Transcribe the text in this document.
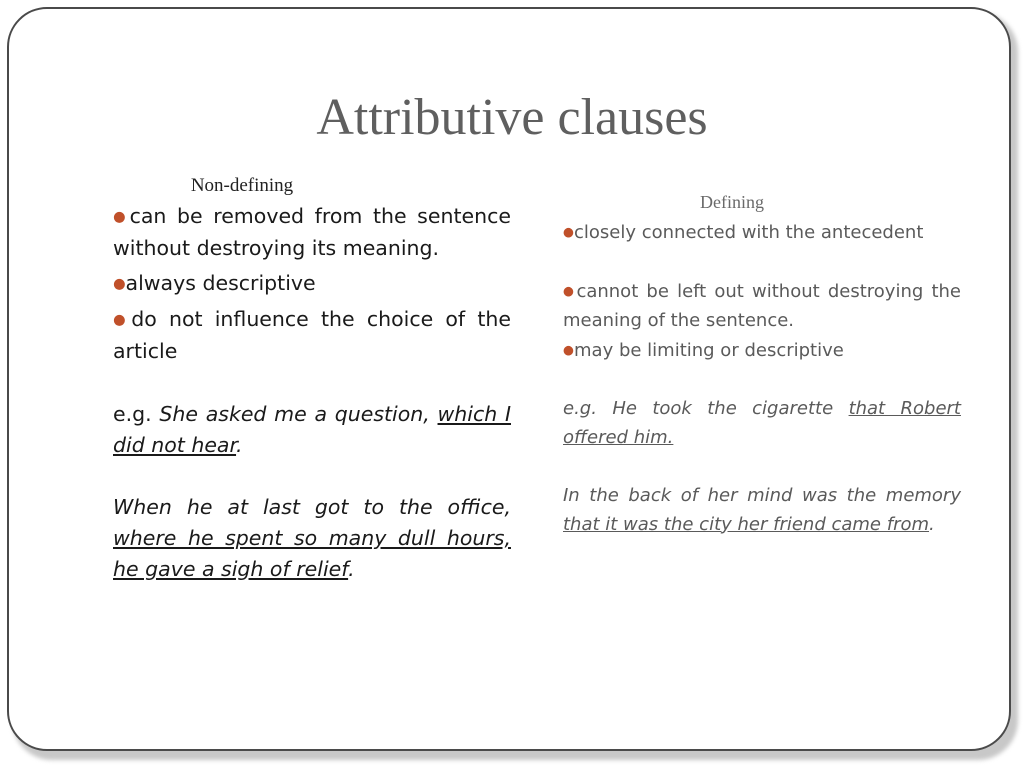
Attributive clauses

Non-defining

●can be removed from the sentence without destroying its meaning.

●always descriptive

●do not influence the choice of the article

e.g. She asked me a question, which I did not hear.

When he at last got to the office, where he spent so many dull hours, he gave a sigh of relief.

Defining

●closely connected with the antecedent

●cannot be left out without destroying the meaning of the sentence.

●may be limiting or descriptive

e.g. He took the cigarette that Robert offered him.

In the back of her mind was the memory that it was the city her friend came from.
